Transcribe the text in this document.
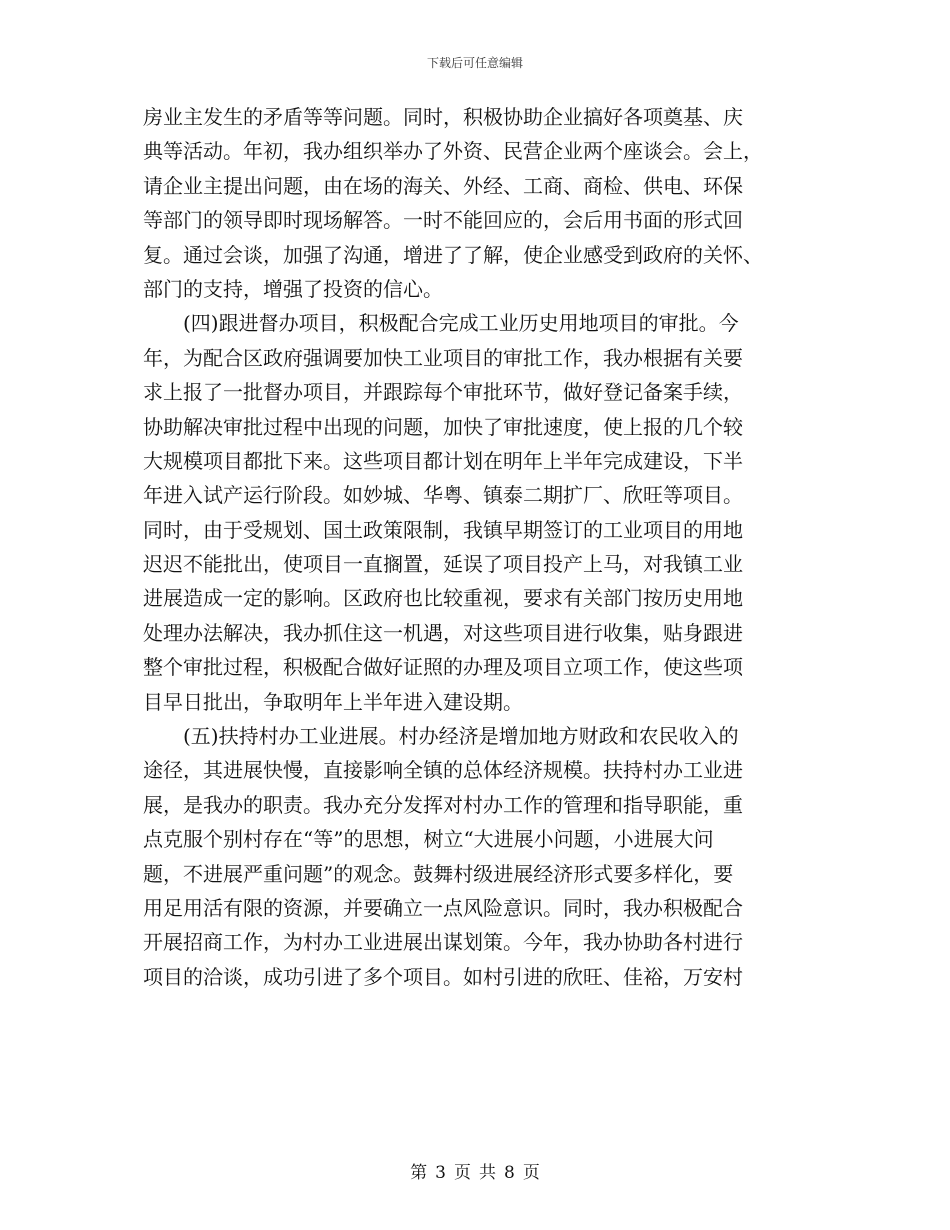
下载后可任意编辑
房业主发生的矛盾等等问题。同时，积极协助企业搞好各项奠基、庆
典等活动。年初，我办组织举办了外资、民营企业两个座谈会。会上，
请企业主提出问题，由在场的海关、外经、工商、商检、供电、环保
等部门的领导即时现场解答。一时不能回应的，会后用书面的形式回
复。通过会谈，加强了沟通，增进了了解，使企业感受到政府的关怀、
部门的支持，增强了投资的信心。
(四)跟进督办项目，积极配合完成工业历史用地项目的审批。今
年，为配合区政府强调要加快工业项目的审批工作，我办根据有关要
求上报了一批督办项目，并跟踪每个审批环节，做好登记备案手续，
协助解决审批过程中出现的问题，加快了审批速度，使上报的几个较
大规模项目都批下来。这些项目都计划在明年上半年完成建设，下半
年进入试产运行阶段。如妙城、华粤、镇泰二期扩厂、欣旺等项目。
同时，由于受规划、国土政策限制，我镇早期签订的工业项目的用地
迟迟不能批出，使项目一直搁置，延误了项目投产上马，对我镇工业
进展造成一定的影响。区政府也比较重视，要求有关部门按历史用地
处理办法解决，我办抓住这一机遇，对这些项目进行收集，贴身跟进
整个审批过程，积极配合做好证照的办理及项目立项工作，使这些项
目早日批出，争取明年上半年进入建设期。
(五)扶持村办工业进展。村办经济是增加地方财政和农民收入的
途径，其进展快慢，直接影响全镇的总体经济规模。扶持村办工业进
展，是我办的职责。我办充分发挥对村办工作的管理和指导职能，重
点克服个别村存在“等”的思想，树立“大进展小问题，小进展大问
题，不进展严重问题”的观念。鼓舞村级进展经济形式要多样化，要
用足用活有限的资源，并要确立一点风险意识。同时，我办积极配合
开展招商工作，为村办工业进展出谋划策。今年，我办协助各村进行
项目的洽谈，成功引进了多个项目。如村引进的欣旺、佳裕，万安村
第 3 页 共 8 页
